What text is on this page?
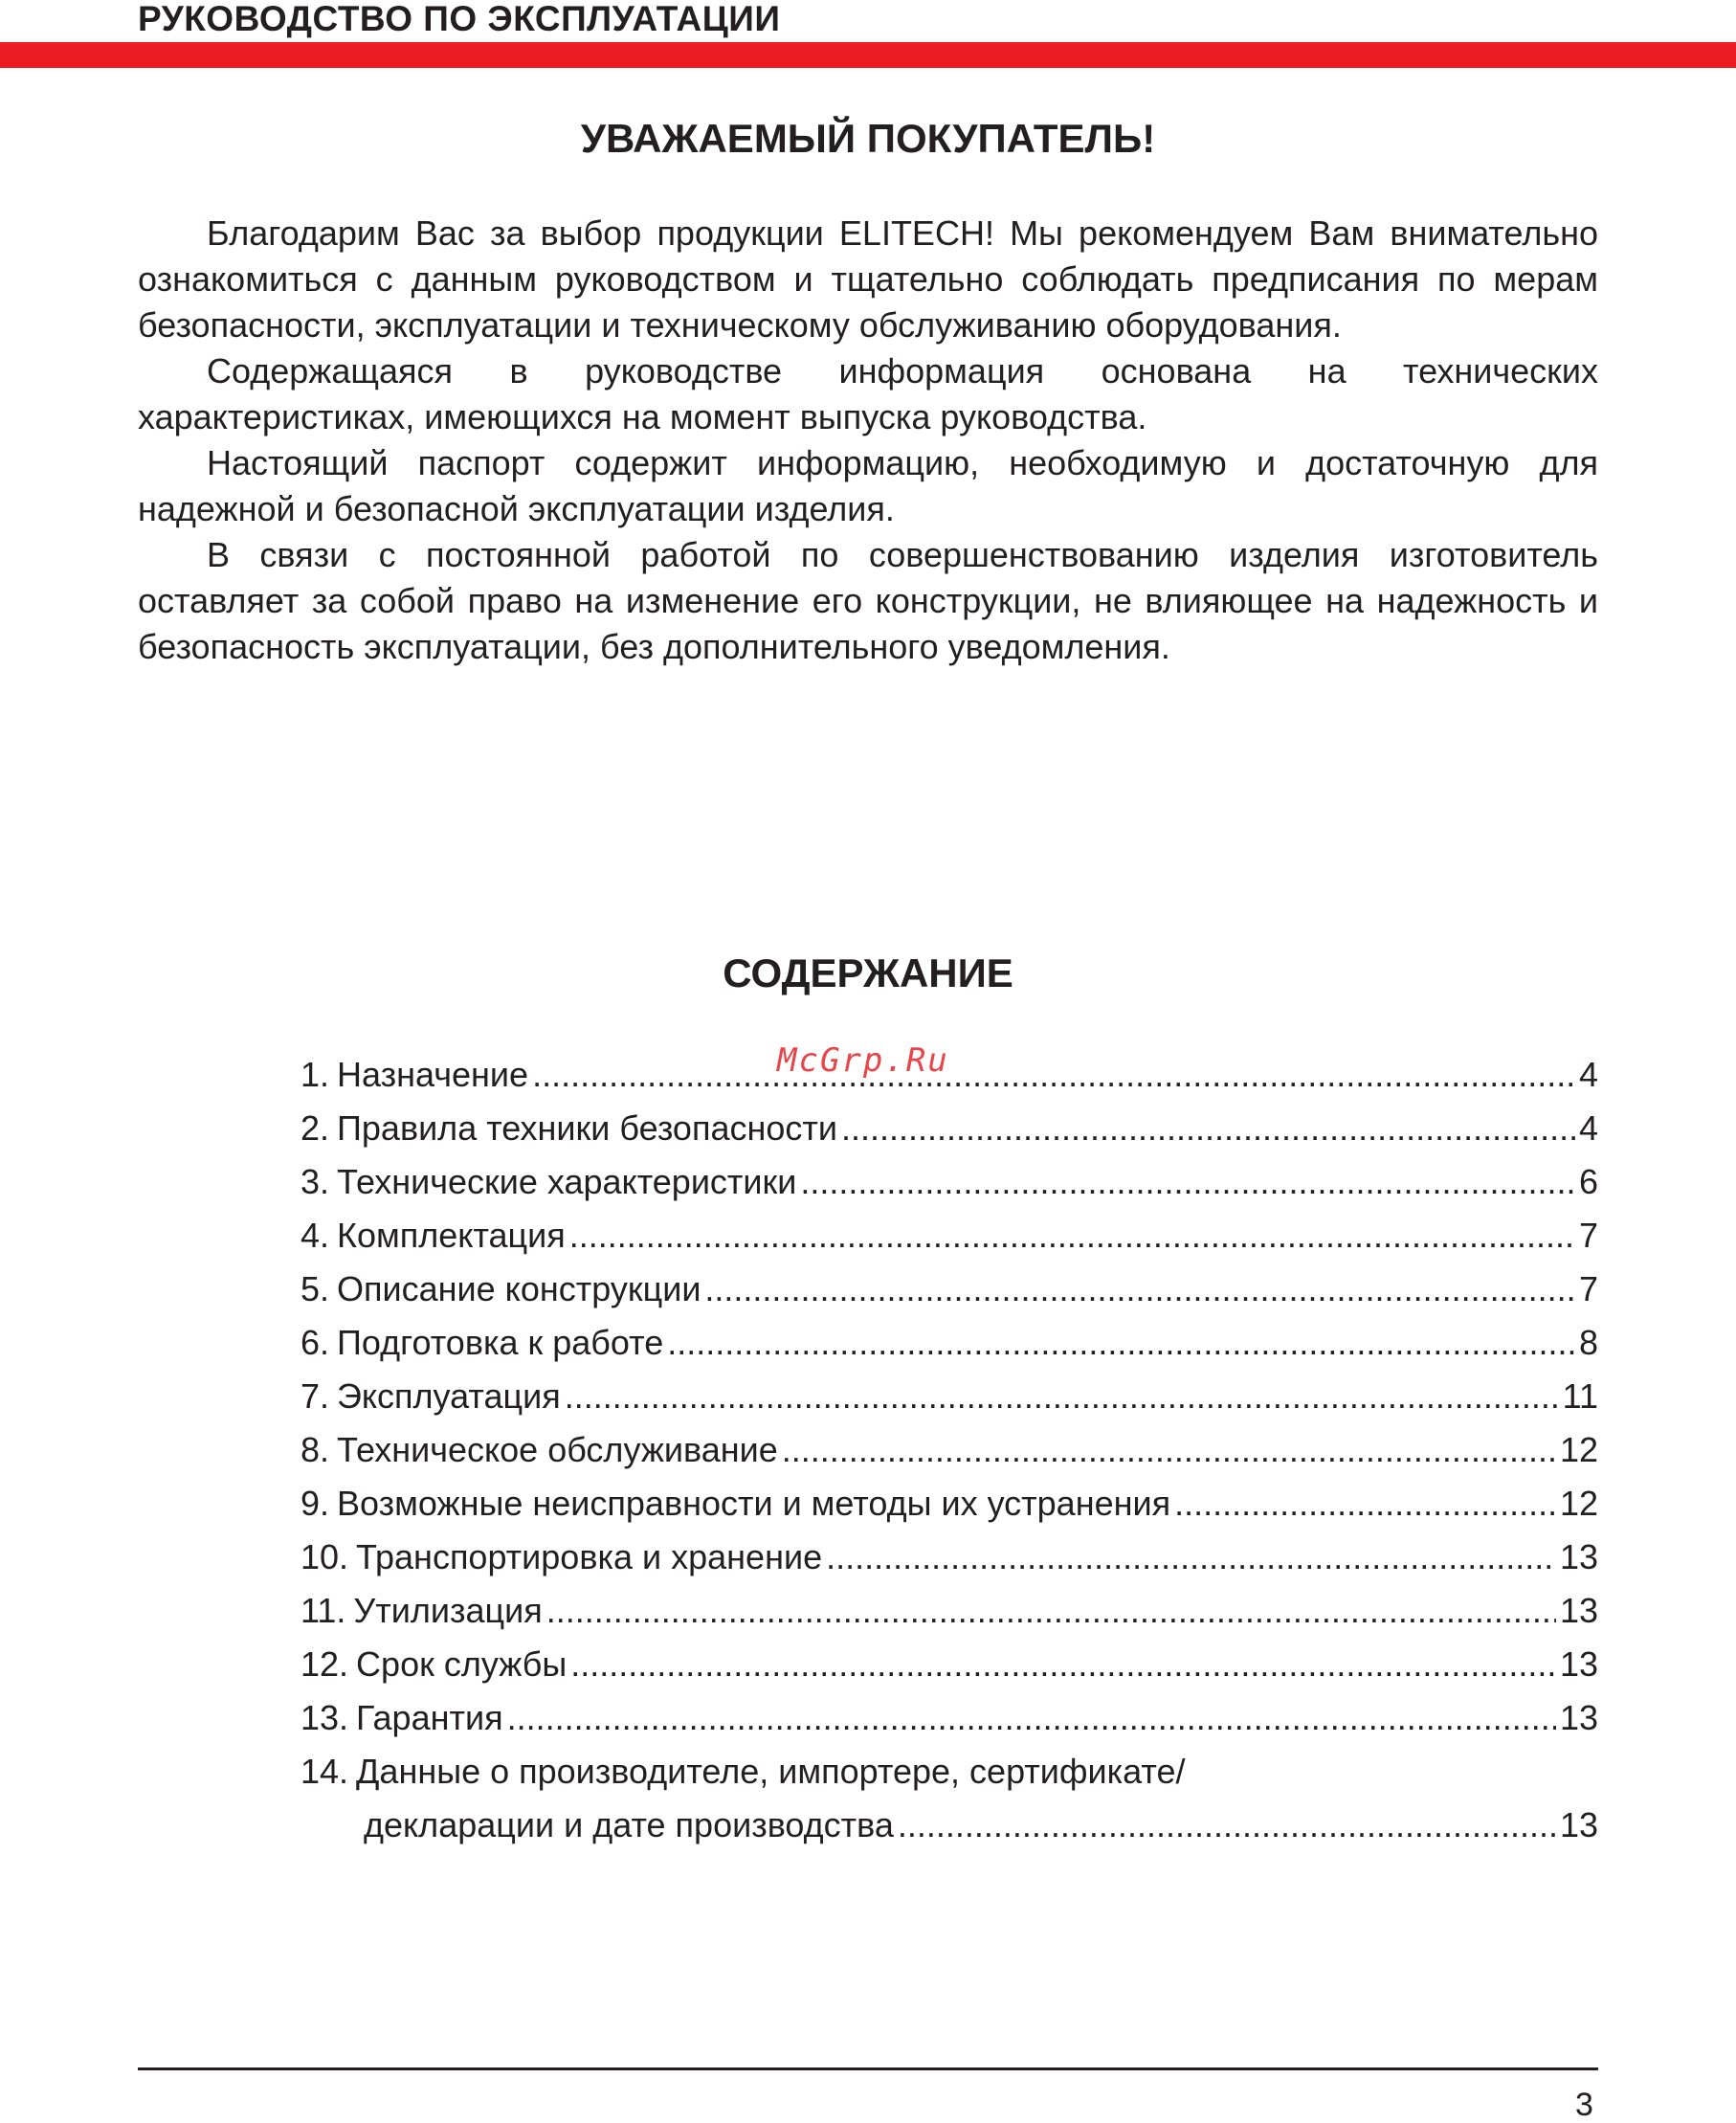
РУКОВОДСТВО ПО ЭКСПЛУАТАЦИИ
УВАЖАЕМЫЙ ПОКУПАТЕЛЬ!

Благодарим Вас за выбор продукции ELITECH! Мы рекомендуем Вам внимательно ознакомиться с данным руководством и тщательно соблюдать предписания по мерам безопасности, эксплуатации и техническому обслуживанию оборудования.

Содержащаяся в руководстве информация основана на технических характеристиках, имеющихся на момент выпуска руководства.

Настоящий паспорт содержит информацию, необходимую и достаточную для надежной и безопасной эксплуатации изделия.

В связи с постоянной работой по совершенствованию изделия изготовитель оставляет за собой право на изменение его конструкции, не влияющее на надежность и безопасность эксплуатации, без дополнительного уведомления.

СОДЕРЖАНИЕ
1. Назначение .....	4
2. Правила техники безопасности .....	4
3. Технические характеристики .....	6
4. Комплектация .....	7
5. Описание конструкции .....	7
6. Подготовка к работе .....	8
7. Эксплуатация .....	11
8. Техническое обслуживание .....	12
9. Возможные неисправности и методы их устранения .....	12
10. Транспортировка и хранение .....	13
11. Утилизация .....	13
12. Срок службы .....	13
13. Гарантия .....	13
14. Данные о производителе, импортере, сертификате/
декларации и дате производства .....	13
McGrp.Ru
3
